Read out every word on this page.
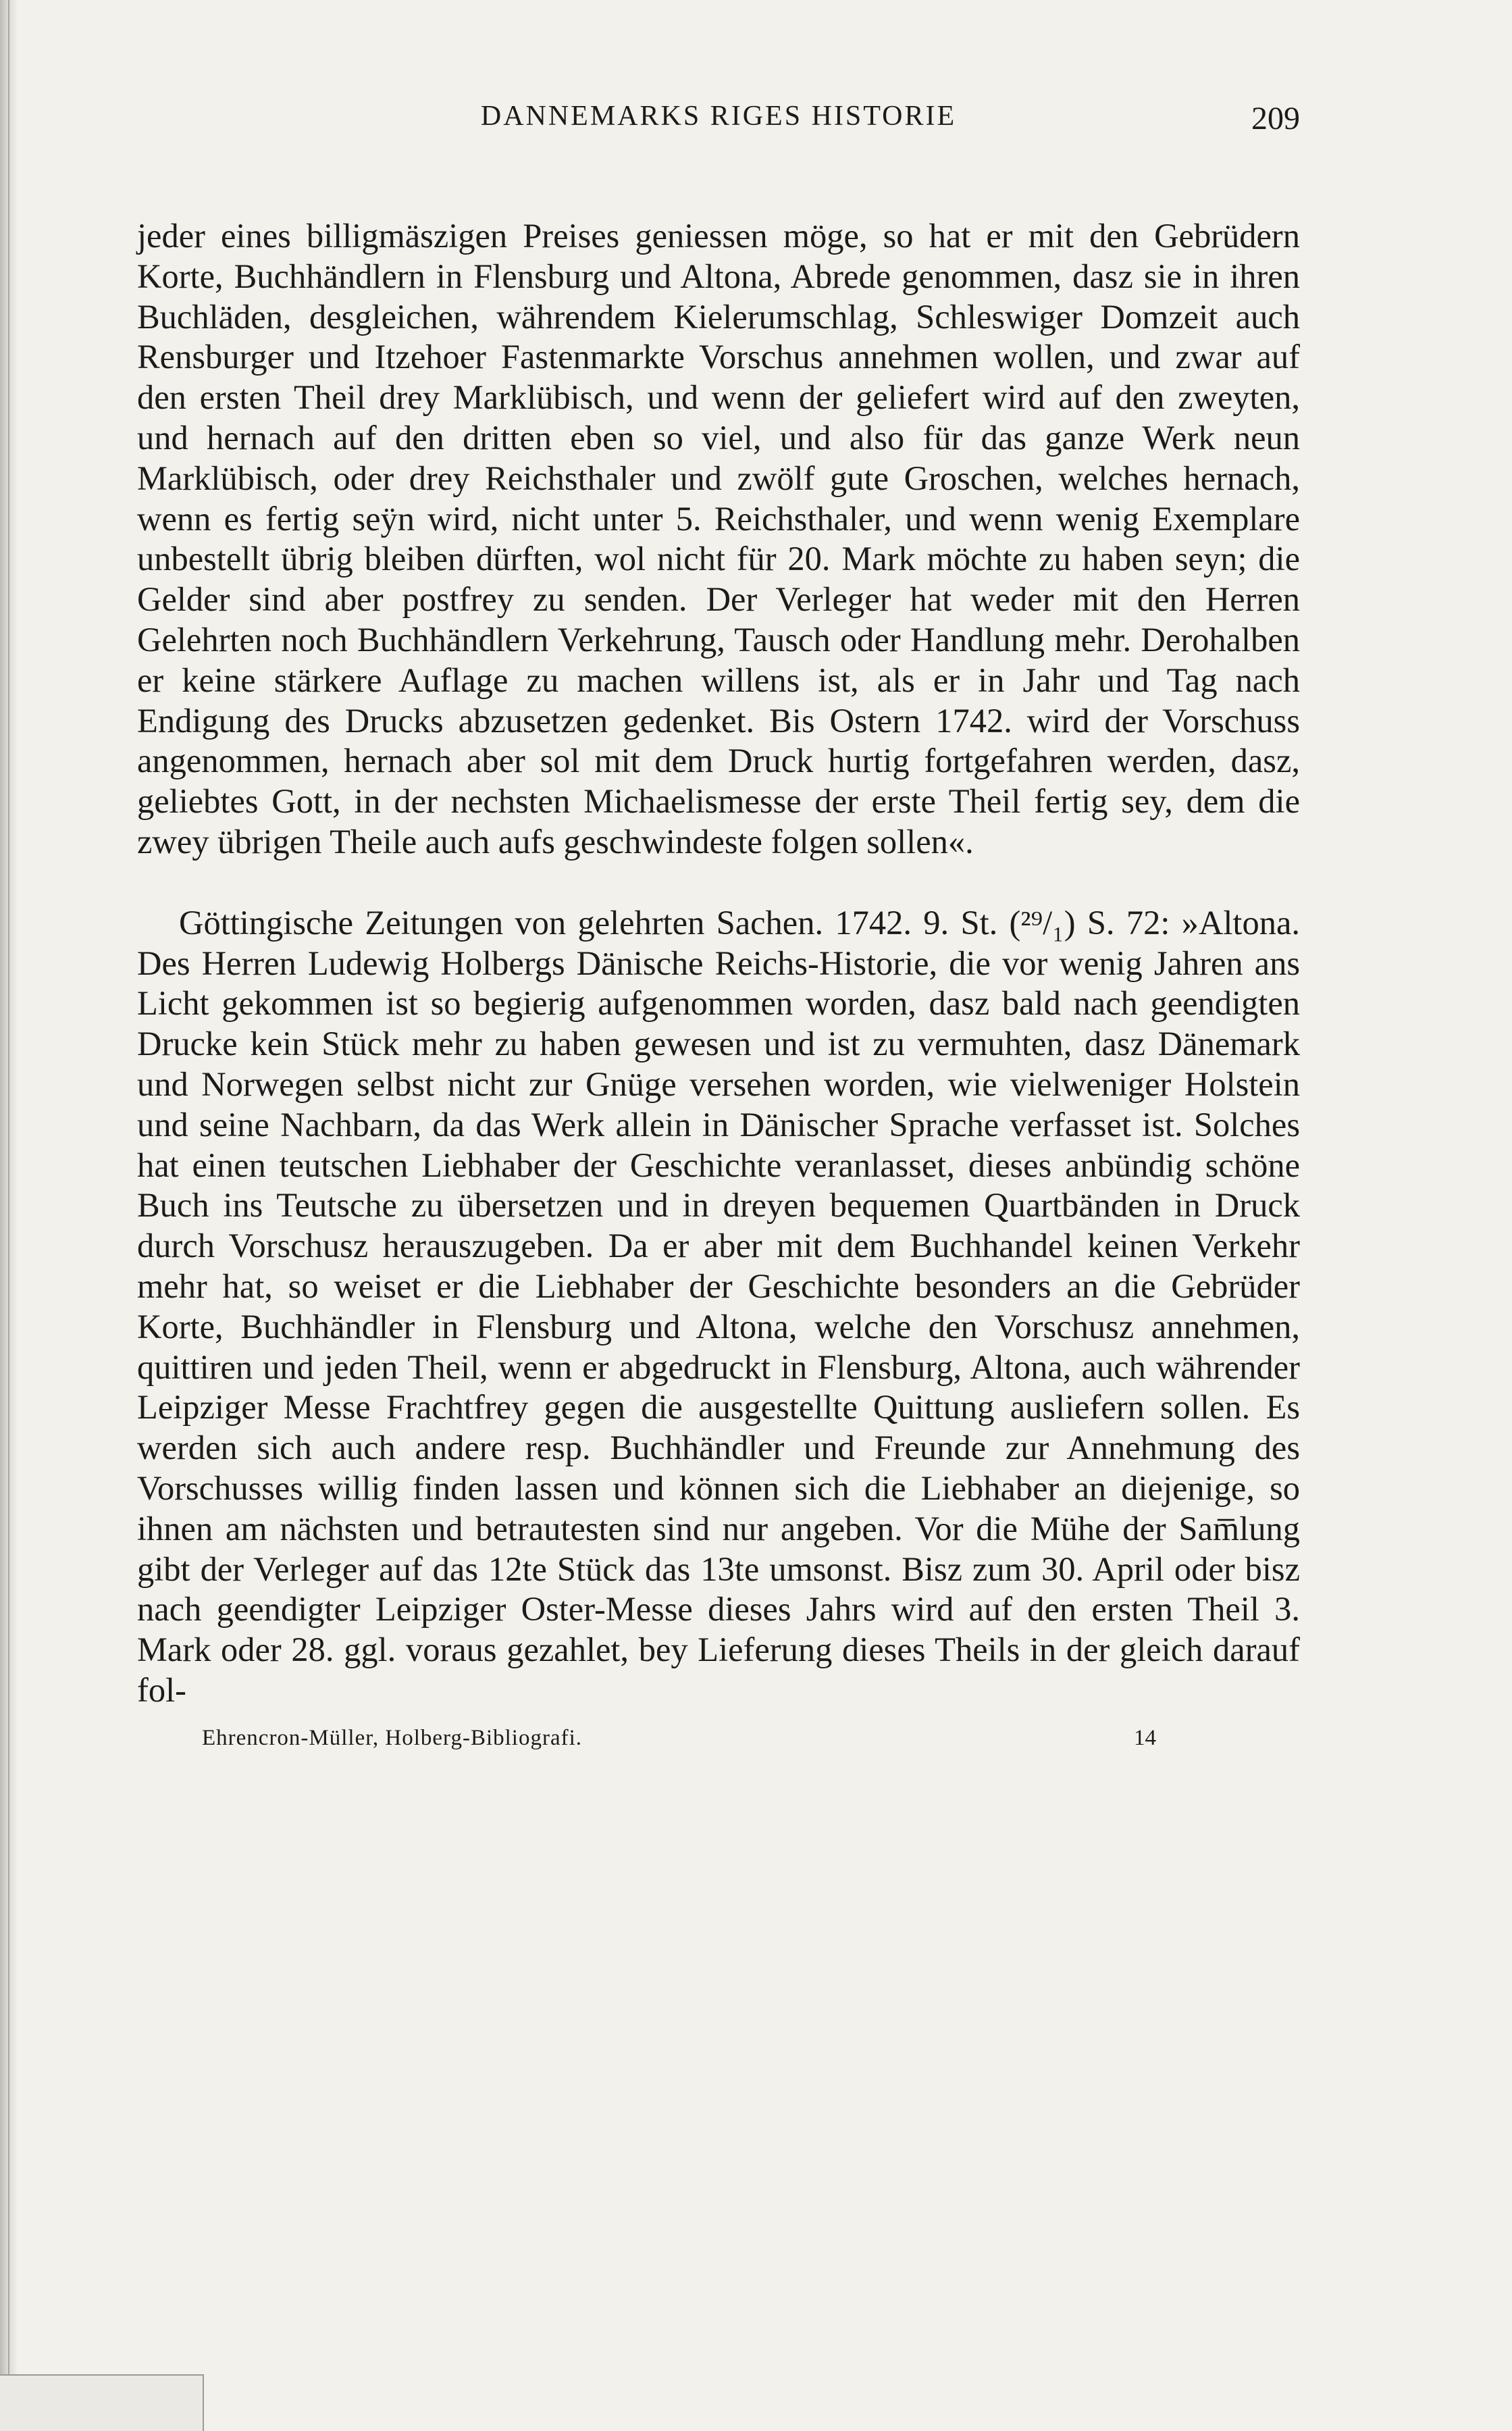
DANNEMARKS RIGES HISTORIE	209

jeder eines billigmäszigen Preises geniessen möge, so hat er mit den Gebrüdern Korte, Buchhändlern in Flensburg und Altona, Abrede genommen, dasz sie in ihren Buchläden, desgleichen, währendem Kielerumschlag, Schleswiger Domzeit auch Rensburger und Itzehoer Fastenmarkte Vorschus annehmen wollen, und zwar auf den ersten Theil drey Marklübisch, und wenn der geliefert wird auf den zweyten, und hernach auf den dritten eben so viel, und also für das ganze Werk neun Marklübisch, oder drey Reichsthaler und zwölf gute Groschen, welches hernach, wenn es fertig seӱn wird, nicht unter 5. Reichsthaler, und wenn wenig Exemplare unbestellt übrig bleiben dürften, wol nicht für 20. Mark möchte zu haben seyn; die Gelder sind aber postfrey zu senden. Der Verleger hat weder mit den Herren Gelehrten noch Buchhändlern Verkehrung, Tausch oder Handlung mehr. Derohalben er keine stärkere Auflage zu machen willens ist, als er in Jahr und Tag nach Endigung des Drucks abzusetzen gedenket. Bis Ostern 1742. wird der Vorschuss angenommen, hernach aber sol mit dem Druck hurtig fortgefahren werden, dasz, geliebtes Gott, in der nechsten Michaelismesse der erste Theil fertig sey, dem die zwey übrigen Theile auch aufs geschwindeste folgen sollen«.

Göttingische Zeitungen von gelehrten Sachen. 1742. 9. St. (²⁹/₁) S. 72: »Altona. Des Herren Ludewig Holbergs Dänische Reichs-Historie, die vor wenig Jahren ans Licht gekommen ist so begierig aufgenommen worden, dasz bald nach geendigten Drucke kein Stück mehr zu haben gewesen und ist zu vermuhten, dasz Dänemark und Norwegen selbst nicht zur Gnüge versehen worden, wie vielweniger Holstein und seine Nachbarn, da das Werk allein in Dänischer Sprache verfasset ist. Solches hat einen teutschen Liebhaber der Geschichte veranlasset, dieses anbündig schöne Buch ins Teutsche zu übersetzen und in dreyen bequemen Quartbänden in Druck durch Vorschusz herauszugeben. Da er aber mit dem Buchhandel keinen Verkehr mehr hat, so weiset er die Liebhaber der Geschichte besonders an die Gebrüder Korte, Buchhändler in Flensburg und Altona, welche den Vorschusz annehmen, quittiren und jeden Theil, wenn er abgedruckt in Flensburg, Altona, auch währender Leipziger Messe Frachtfrey gegen die ausgestellte Quittung ausliefern sollen. Es werden sich auch andere resp. Buchhändler und Freunde zur Annehmung des Vorschusses willig finden lassen und können sich die Liebhaber an diejenige, so ihnen am nächsten und betrautesten sind nur angeben. Vor die Mühe der Sam̅lung gibt der Verleger auf das 12te Stück das 13te umsonst. Bisz zum 30. April oder bisz nach geendigter Leipziger Oster-Messe dieses Jahrs wird auf den ersten Theil 3. Mark oder 28. ggl. voraus gezahlet, bey Lieferung dieses Theils in der gleich darauf fol-

Ehrencron-Müller, Holberg-Bibliografi.	14
